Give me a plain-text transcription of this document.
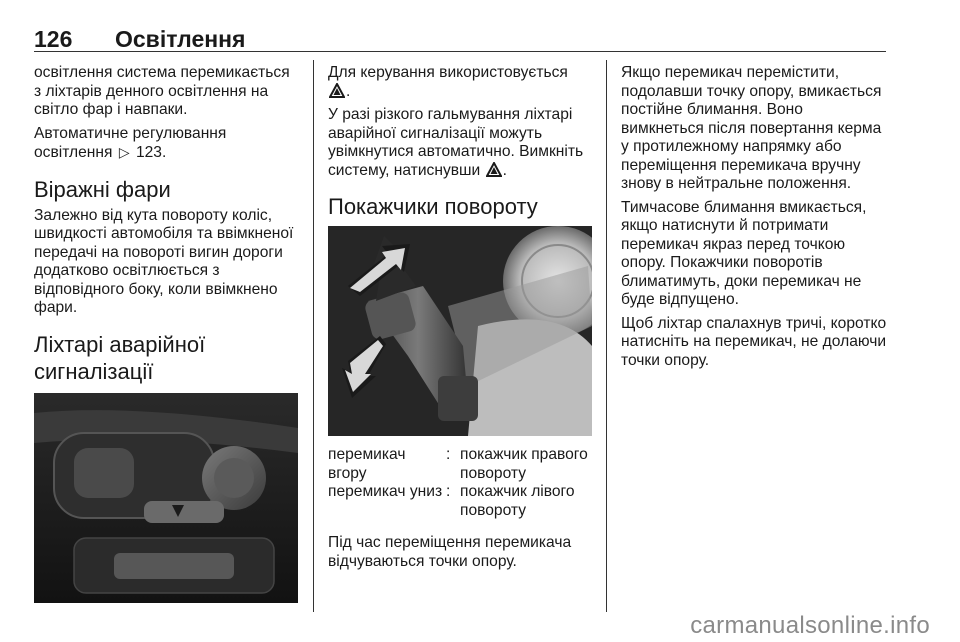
126 Освітлення

освітлення система перемикається з ліхтарів денного освітлення на світло фар і навпаки.

Автоматичне регулювання освітлення ▷ 123.

Віражні фари

Залежно від кута повороту коліс, швидкості автомобіля та ввімкненої передачі на повороті вигин дороги додатково освітлюється з відповідного боку, коли ввімкнено фари.

Ліхтарі аварійної
сигналізації

Для керування використовується
.

У разі різкого гальмування ліхтарі аварійної сигналізації можуть увімкнутися автоматично. Вимкніть систему, натиснувши .

Покажчики повороту
перемикач вгору
: покажчик правого повороту
перемикач униз : покажчик лівого повороту

Під час переміщення перемикача відчуваються точки опору.

Якщо перемикач перемістити, подолавши точку опору, вмикається постійне блимання. Воно вимкнеться після повертання керма у протилежному напрямку або переміщення перемикача вручну знову в нейтральне положення.

Тимчасове блимання вмикається, якщо натиснути й потримати перемикач якраз перед точкою опору. Покажчики поворотів блиматимуть, доки перемикач не буде відпущено.

Щоб ліхтар спалахнув тричі, коротко натисніть на перемикач, не долаючи точки опору.

carmanualsonline.info
